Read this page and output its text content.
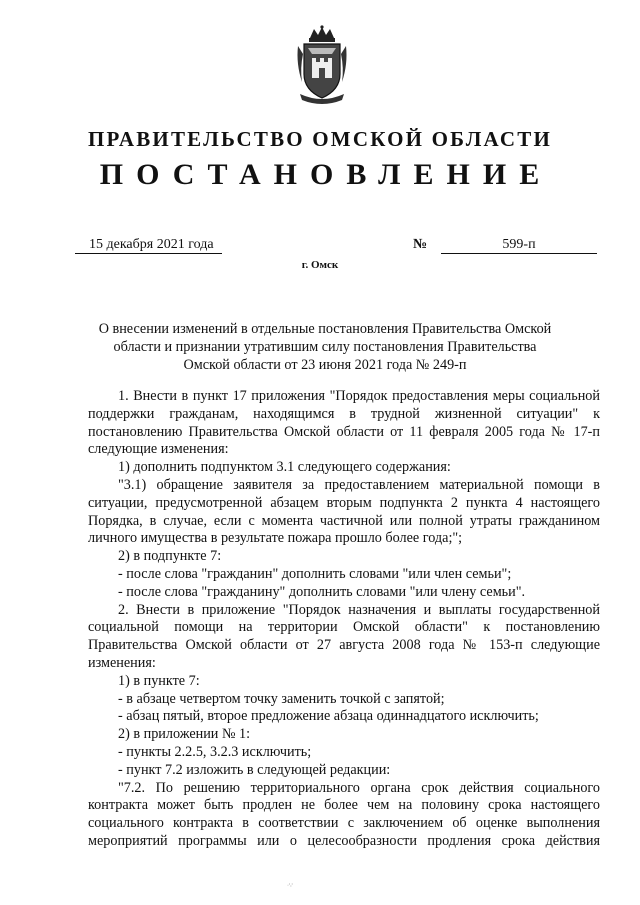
ПРАВИТЕЛЬСТВО ОМСКОЙ ОБЛАСТИ
ПОСТАНОВЛЕНИЕ
15 декабря 2021 года	№	599-п
г. Омск
О внесении изменений в отдельные постановления Правительства Омской области и признании утратившим силу постановления Правительства Омской области от 23 июня 2021 года № 249-п

1. Внести в пункт 17 приложения "Порядок предоставления меры социальной поддержки гражданам, находящимся в трудной жизненной ситуации" к постановлению Правительства Омской области от 11 февраля 2005 года № 17-п следующие изменения:

1) дополнить подпунктом 3.1 следующего содержания:

"3.1) обращение заявителя за предоставлением материальной помощи в ситуации, предусмотренной абзацем вторым подпункта 2 пункта 4 настоящего Порядка, в случае, если с момента частичной или полной утраты гражданином личного имущества в результате пожара прошло более года;";

2) в подпункте 7:

- после слова "гражданин" дополнить словами "или член семьи";

- после слова "гражданину" дополнить словами "или члену семьи".

2. Внести в приложение "Порядок назначения и выплаты государственной социальной помощи на территории Омской области" к постановлению Правительства Омской области от 27 августа 2008 года № 153-п следующие изменения:

1) в пункте 7:

- в абзаце четвертом точку заменить точкой с запятой;

- абзац пятый, второе предложение абзаца одиннадцатого исключить;

2) в приложении № 1:

- пункты 2.2.5, 3.2.3 исключить;

- пункт 7.2 изложить в следующей редакции:

"7.2. По решению территориального органа срок действия социального контракта может быть продлен не более чем на половину срока настоящего социального контракта в соответствии с заключением об оценке выполнения мероприятий программы или о целесообразности продления срока действия

·∵
